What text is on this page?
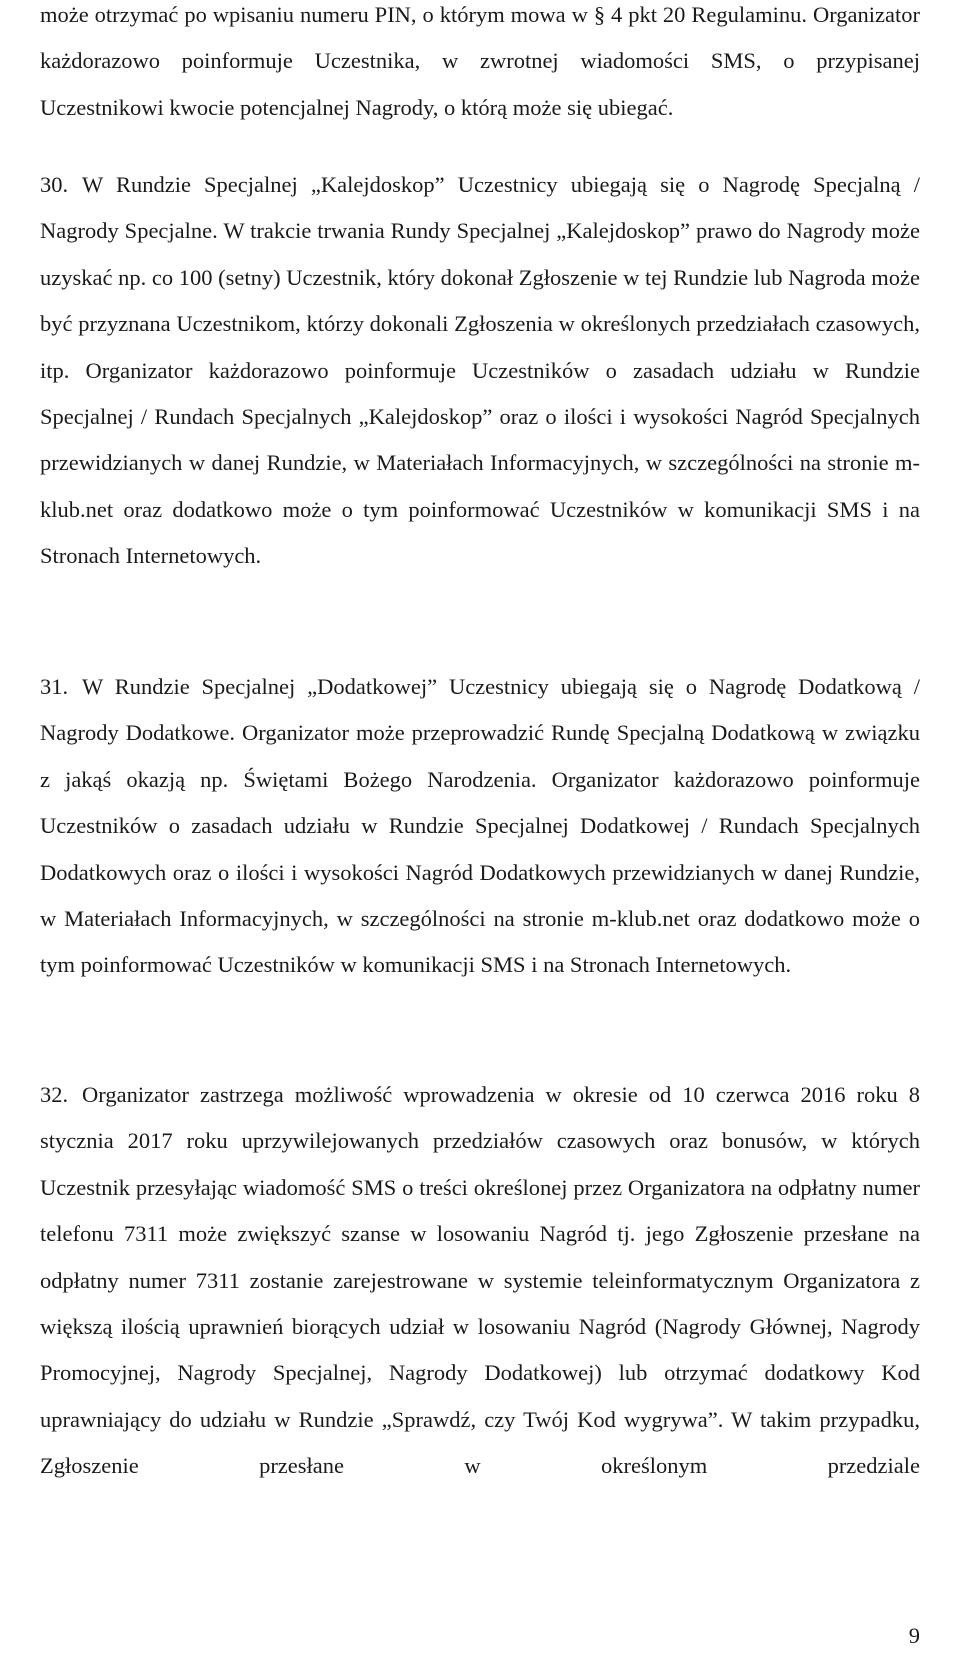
może otrzymać po wpisaniu numeru PIN, o którym mowa w § 4 pkt 20 Regulaminu. Organizator każdorazowo poinformuje Uczestnika, w zwrotnej wiadomości SMS, o przypisanej Uczestnikowi kwocie potencjalnej Nagrody, o którą może się ubiegać.

30. W Rundzie Specjalnej „Kalejdoskop” Uczestnicy ubiegają się o Nagrodę Specjalną / Nagrody Specjalne. W trakcie trwania Rundy Specjalnej „Kalejdoskop” prawo do Nagrody może uzyskać np. co 100 (setny) Uczestnik, który dokonał Zgłoszenie w tej Rundzie lub Nagroda może być przyznana Uczestnikom, którzy dokonali Zgłoszenia w określonych przedziałach czasowych, itp. Organizator każdorazowo poinformuje Uczestników o zasadach udziału w Rundzie Specjalnej / Rundach Specjalnych „Kalejdoskop” oraz o ilości i wysokości Nagród Specjalnych przewidzianych w danej Rundzie, w Materiałach Informacyjnych, w szczególności na stronie m-klub.net oraz dodatkowo może o tym poinformować Uczestników w komunikacji SMS i na Stronach Internetowych.

31. W Rundzie Specjalnej „Dodatkowej” Uczestnicy ubiegają się o Nagrodę Dodatkową / Nagrody Dodatkowe. Organizator może przeprowadzić Rundę Specjalną Dodatkową w związku z jakąś okazją np. Świętami Bożego Narodzenia. Organizator każdorazowo poinformuje Uczestników o zasadach udziału w Rundzie Specjalnej Dodatkowej / Rundach Specjalnych Dodatkowych oraz o ilości i wysokości Nagród Dodatkowych przewidzianych w danej Rundzie, w Materiałach Informacyjnych, w szczególności na stronie m-klub.net oraz dodatkowo może o tym poinformować Uczestników w komunikacji SMS i na Stronach Internetowych.

32. Organizator zastrzega możliwość wprowadzenia w okresie od 10 czerwca 2016 roku 8 stycznia 2017 roku uprzywilejowanych przedziałów czasowych oraz bonusów, w których Uczestnik przesyłając wiadomość SMS o treści określonej przez Organizatora na odpłatny numer telefonu 7311 może zwiększyć szanse w losowaniu Nagród tj. jego Zgłoszenie przesłane na odpłatny numer 7311 zostanie zarejestrowane w systemie teleinformatycznym Organizatora z większą ilością uprawnień biorących udział w losowaniu Nagród (Nagrody Głównej, Nagrody Promocyjnej, Nagrody Specjalnej, Nagrody Dodatkowej) lub otrzymać dodatkowy Kod uprawniający do udziału w Rundzie „Sprawdź, czy Twój Kod wygrywa”. W takim przypadku, Zgłoszenie przesłane w określonym przedziale

9
